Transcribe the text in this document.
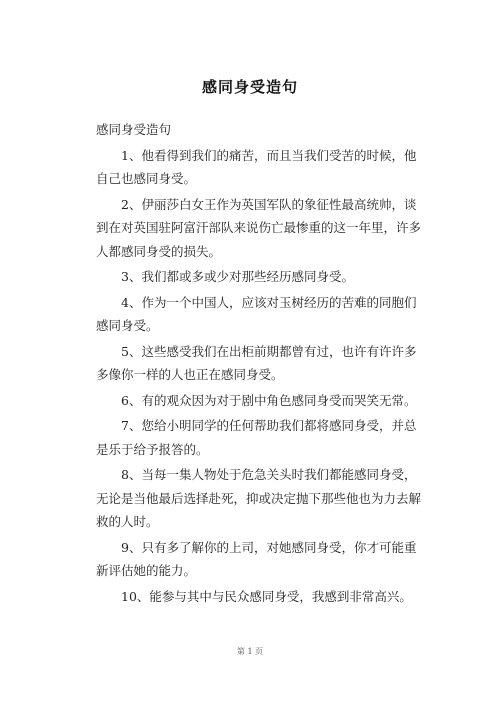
感同身受造句

感同身受造句

1、他看得到我们的痛苦，而且当我们受苦的时候，他自己也感同身受。

2、伊丽莎白女王作为英国军队的象征性最高统帅，谈到在对英国驻阿富汗部队来说伤亡最惨重的这一年里，许多人都感同身受的损失。

3、我们都或多或少对那些经历感同身受。

4、作为一个中国人，应该对玉树经历的苦难的同胞们感同身受。

5、这些感受我们在出柜前期都曾有过，也许有许许多多像你一样的人也正在感同身受。

6、有的观众因为对于剧中角色感同身受而哭笑无常。

7、您给小明同学的任何帮助我们都将感同身受，并总是乐于给予报答的。

8、当每一集人物处于危急关头时我们都能感同身受，无论是当他最后选择赴死，抑或决定抛下那些他也为力去解救的人时。

9、只有多了解你的上司，对她感同身受，你才可能重新评估她的能力。

10、能参与其中与民众感同身受，我感到非常高兴。

第 1 页
